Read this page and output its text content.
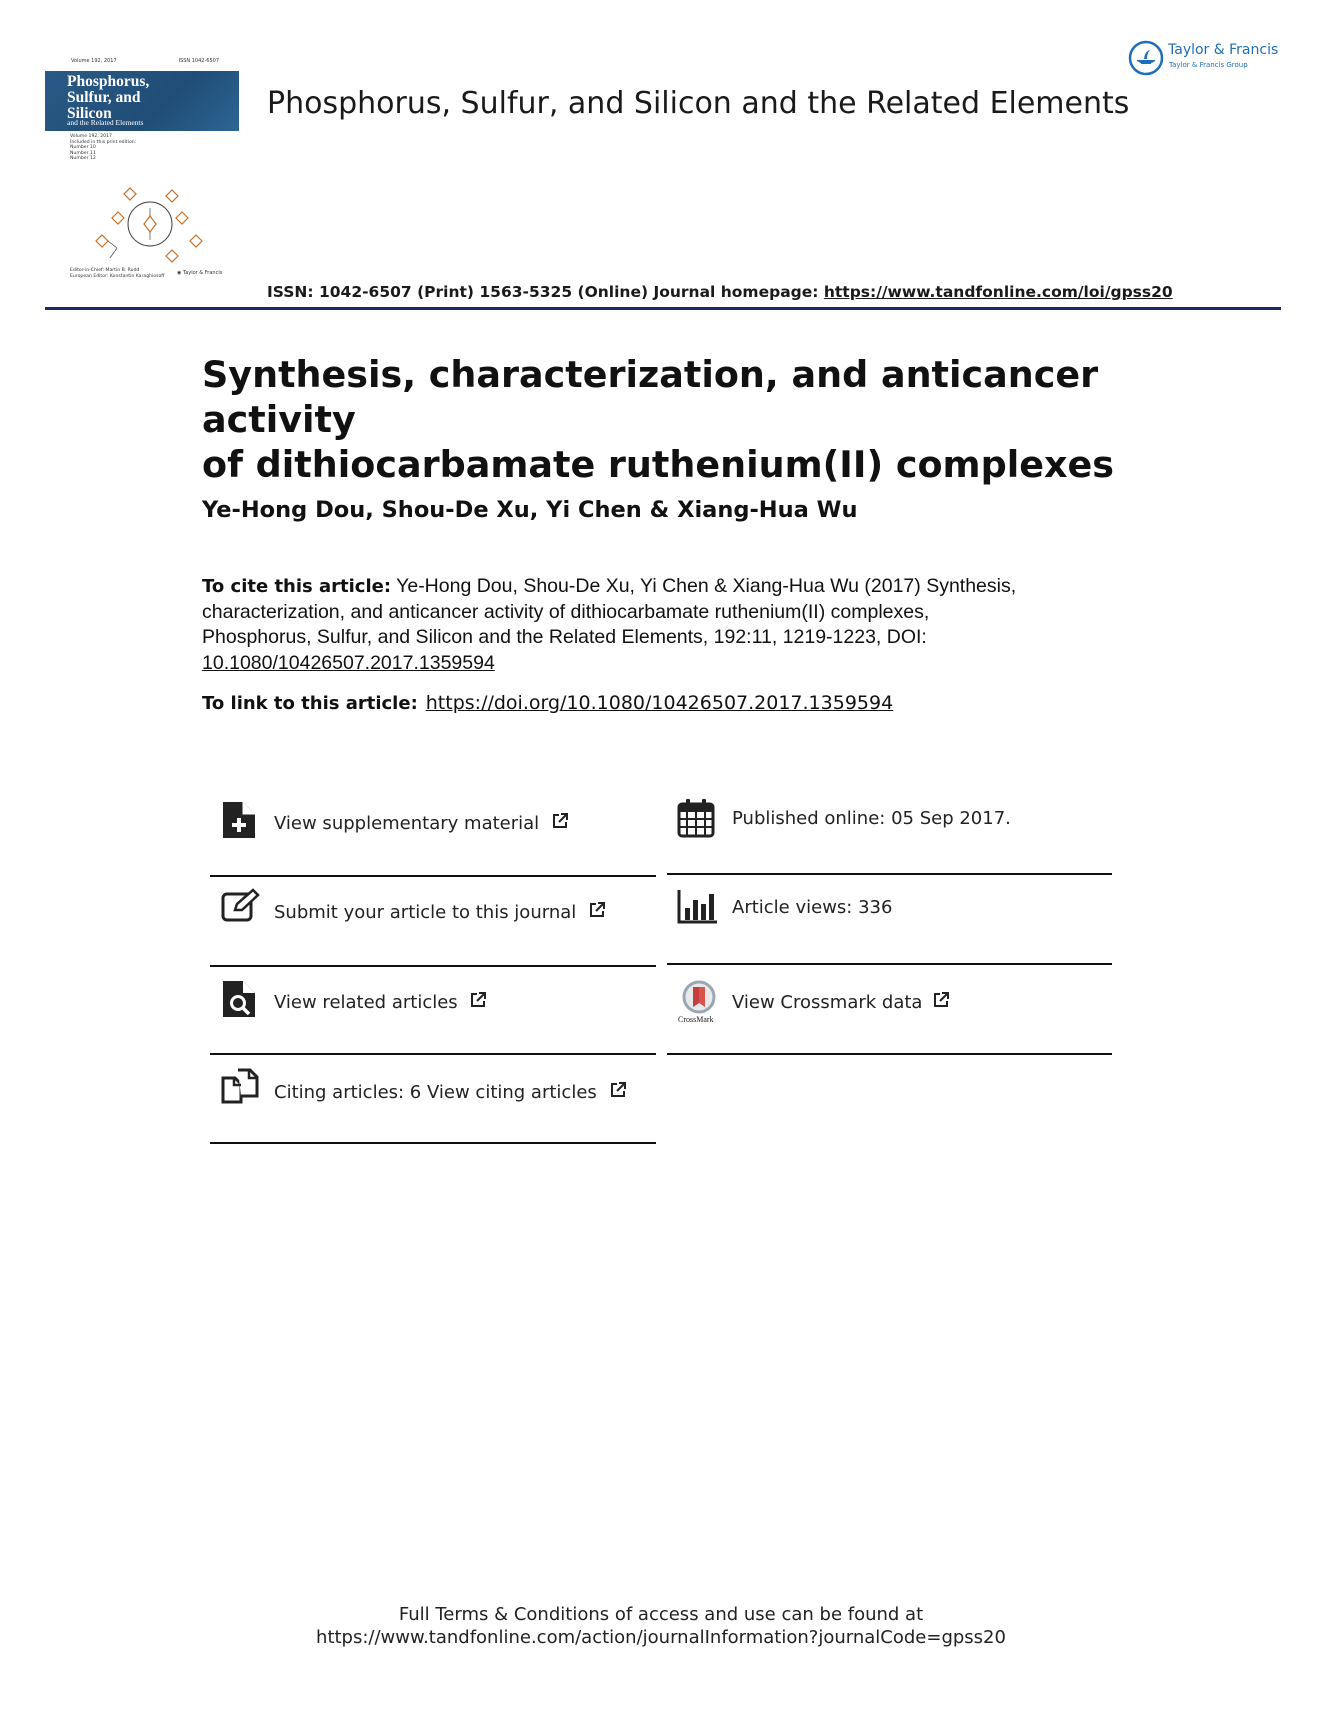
Volume 192, 2017	ISSN 1042-6507
Phosphorus,
Sulfur, and
Silicon
and the Related Elements
Volume 192, 2017
Included in this print edition:
Number 10
Number 11
Number 12
Editor-in-Chief: Martin B. Rudd
European Editor: Konstantin Karaghiosoff	◉ Taylor & Francis
Phosphorus, Sulfur, and Silicon and the Related Elements
Taylor & Francis
Taylor & Francis Group
ISSN: 1042-6507 (Print) 1563-5325 (Online) Journal homepage: https://www.tandfonline.com/loi/gpss20
Synthesis, characterization, and anticancer activity
of dithiocarbamate ruthenium(II) complexes
Ye-Hong Dou, Shou-De Xu, Yi Chen & Xiang-Hua Wu
To cite this article: Ye-Hong Dou, Shou-De Xu, Yi Chen & Xiang-Hua Wu (2017) Synthesis,
characterization, and anticancer activity of dithiocarbamate ruthenium(II) complexes,
Phosphorus, Sulfur, and Silicon and the Related Elements, 192:11, 1219-1223, DOI:
10.1080/10426507.2017.1359594
To link to this article: https://doi.org/10.1080/10426507.2017.1359594
View supplementary material
Submit your article to this journal
View related articles
Citing articles: 6 View citing articles
Published online: 05 Sep 2017.
Article views: 336
CrossMark
View Crossmark data
Full Terms & Conditions of access and use can be found at
https://www.tandfonline.com/action/journalInformation?journalCode=gpss20
